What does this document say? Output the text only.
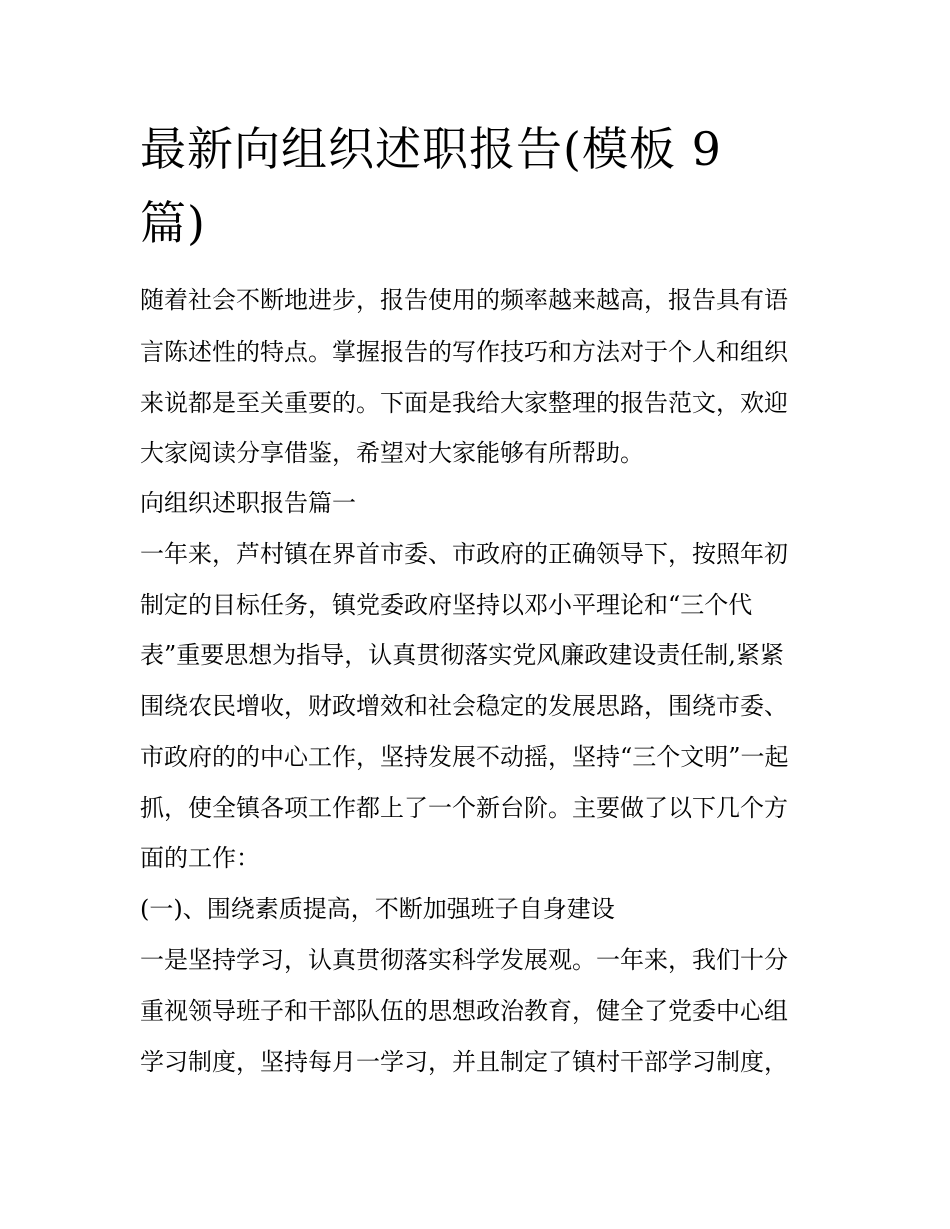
最新向组织述职报告(模板 9
篇)

随着社会不断地进步，报告使用的频率越来越高，报告具有语

言陈述性的特点。掌握报告的写作技巧和方法对于个人和组织

来说都是至关重要的。下面是我给大家整理的报告范文，欢迎

大家阅读分享借鉴，希望对大家能够有所帮助。

向组织述职报告篇一

一年来，芦村镇在界首市委、市政府的正确领导下，按照年初

制定的目标任务，镇党委政府坚持以邓小平理论和“三个代

表”重要思想为指导，认真贯彻落实党风廉政建设责任制,紧紧

围绕农民增收，财政增效和社会稳定的发展思路，围绕市委、

市政府的的中心工作，坚持发展不动摇，坚持“三个文明”一起

抓，使全镇各项工作都上了一个新台阶。主要做了以下几个方

面的工作：

(一)、围绕素质提高，不断加强班子自身建设

一是坚持学习，认真贯彻落实科学发展观。一年来，我们十分

重视领导班子和干部队伍的思想政治教育，健全了党委中心组

学习制度，坚持每月一学习，并且制定了镇村干部学习制度，
